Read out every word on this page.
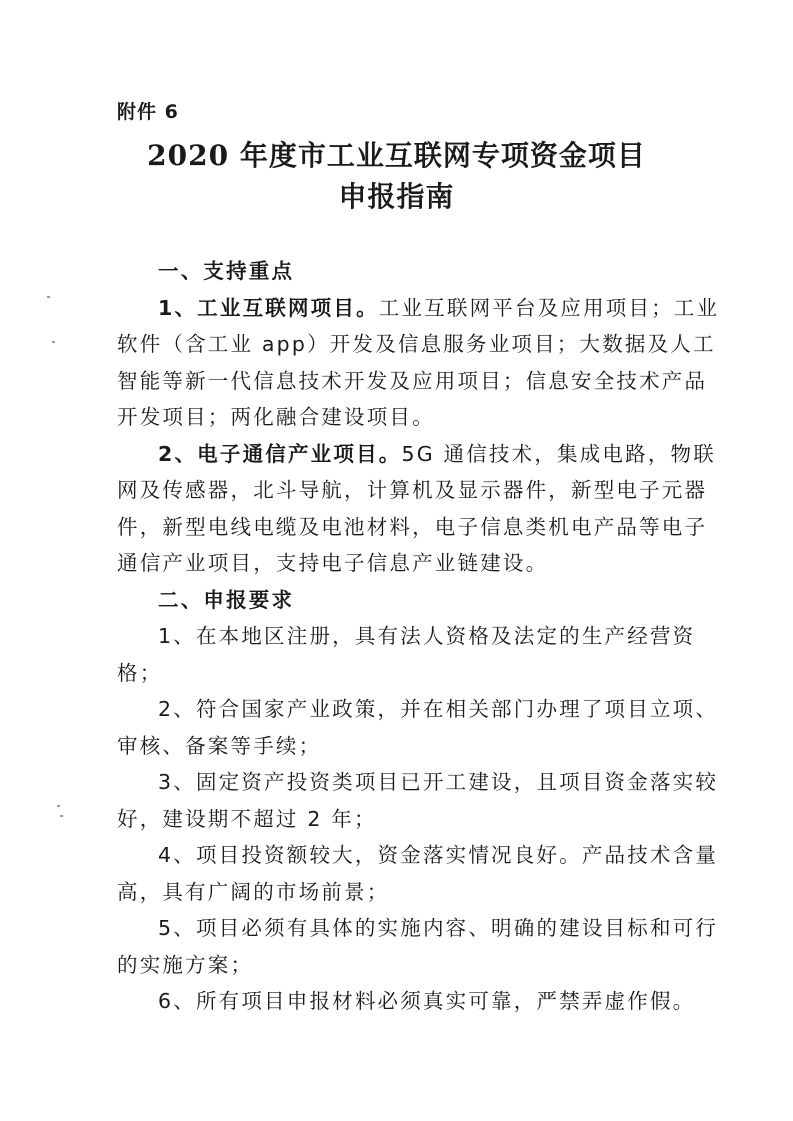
附件 6
2020 年度市工业互联网专项资金项目
申报指南

一、支持重点

1、工业互联网项目。工业互联网平台及应用项目；工业软件（含工业 app）开发及信息服务业项目；大数据及人工智能等新一代信息技术开发及应用项目；信息安全技术产品开发项目；两化融合建设项目。

2、电子通信产业项目。5G 通信技术，集成电路，物联网及传感器，北斗导航，计算机及显示器件，新型电子元器件，新型电线电缆及电池材料，电子信息类机电产品等电子通信产业项目，支持电子信息产业链建设。

二、申报要求

1、在本地区注册，具有法人资格及法定的生产经营资格；

2、符合国家产业政策，并在相关部门办理了项目立项、审核、备案等手续；

3、固定资产投资类项目已开工建设，且项目资金落实较好，建设期不超过 2 年；

4、项目投资额较大，资金落实情况良好。产品技术含量高，具有广阔的市场前景；

5、项目必须有具体的实施内容、明确的建设目标和可行的实施方案；

6、所有项目申报材料必须真实可靠，严禁弄虚作假。
